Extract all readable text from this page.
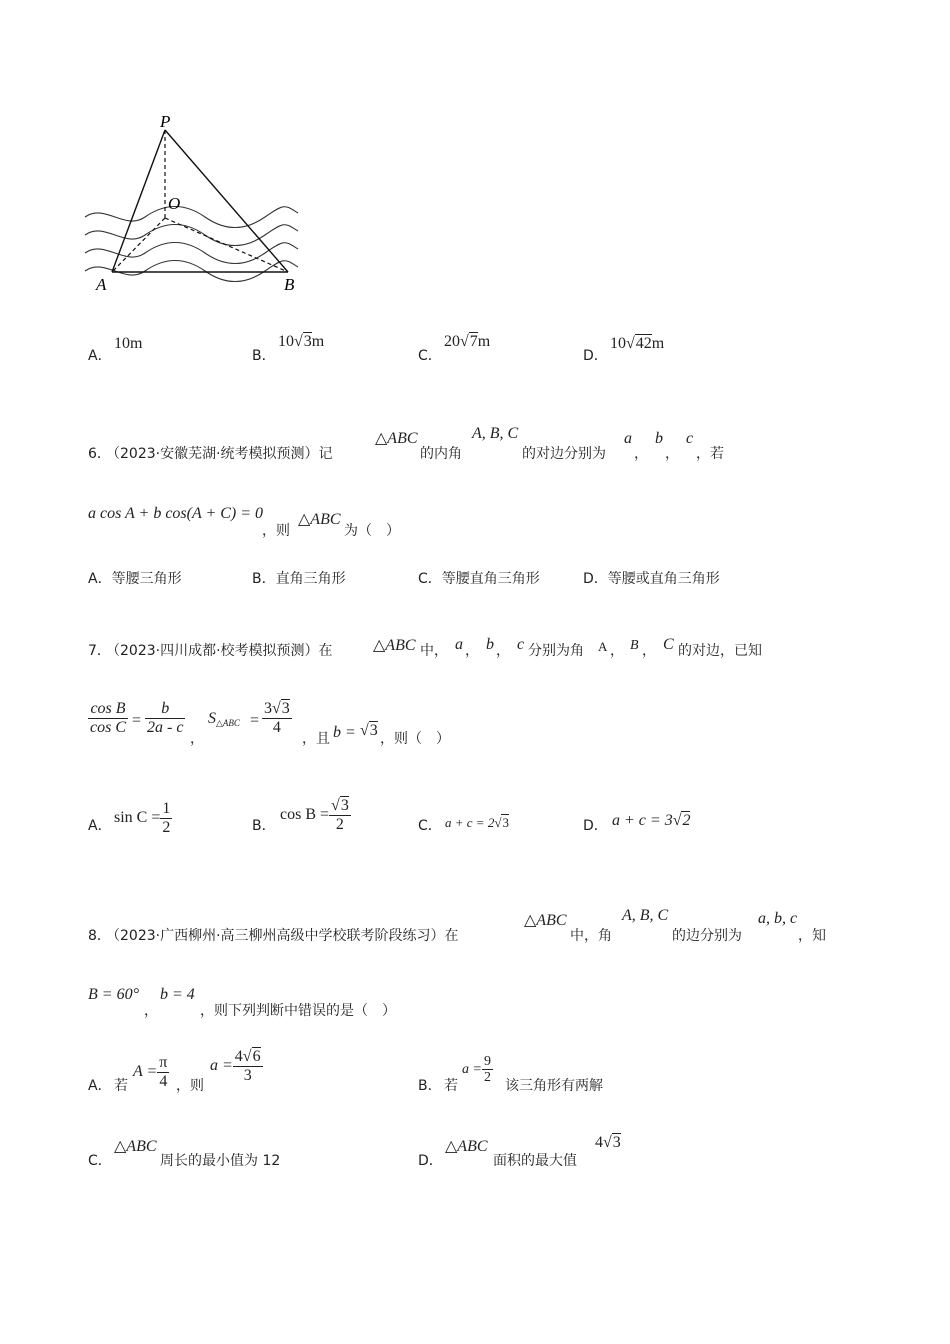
P
O
A	B
A．
10m
B．
10√3m
C．
20√7m
D．
10√42m
6．
（2023·安徽芜湖·统考模拟预测）记
△ABC
的内角
A, B, C
的对边分别为
a
，
b
，
c
，若
a cos A + b cos(A + C) = 0
，则
△ABC
为（　）
A．等腰三角形	B．直角三角形	C．等腰直角三角形	D．等腰或直角三角形
7．
（2023·四川成都·校考模拟预测）在	△ABC 中， a ， b ， c 分别为角 A ， B ， C 的对边，已知
$\frac{\text{cos B}}{\text{cos C}} = \frac{b}{2a - c}$
，
$S_{\triangle ABC} = \frac{3√3}{4}$
，且 b = √3 ，则（　）
A． $\sin C = \frac{1}{2}$	B．
$\cos B = \frac{√3}{2}$	C． a + c = 2√3	D． a + c = 3√2
8．
（2023·广西柳州·高三柳州高级中学校联考阶段练习）在
△ABC
中，角
A, B, C
的边分别为
a, b, c
，知
B = 60°
，
b = 4
，则下列判断中错误的是（　）
A． 若
$A = \frac{\pi}{4}$ ，则
$a = \frac{4√6}{3}$
B． 若
$a = \frac{9}{2}$
该三角形有两解
C．
△ABC
周长的最小值为 12	D．
△ABC
面积的最大值
4√3
